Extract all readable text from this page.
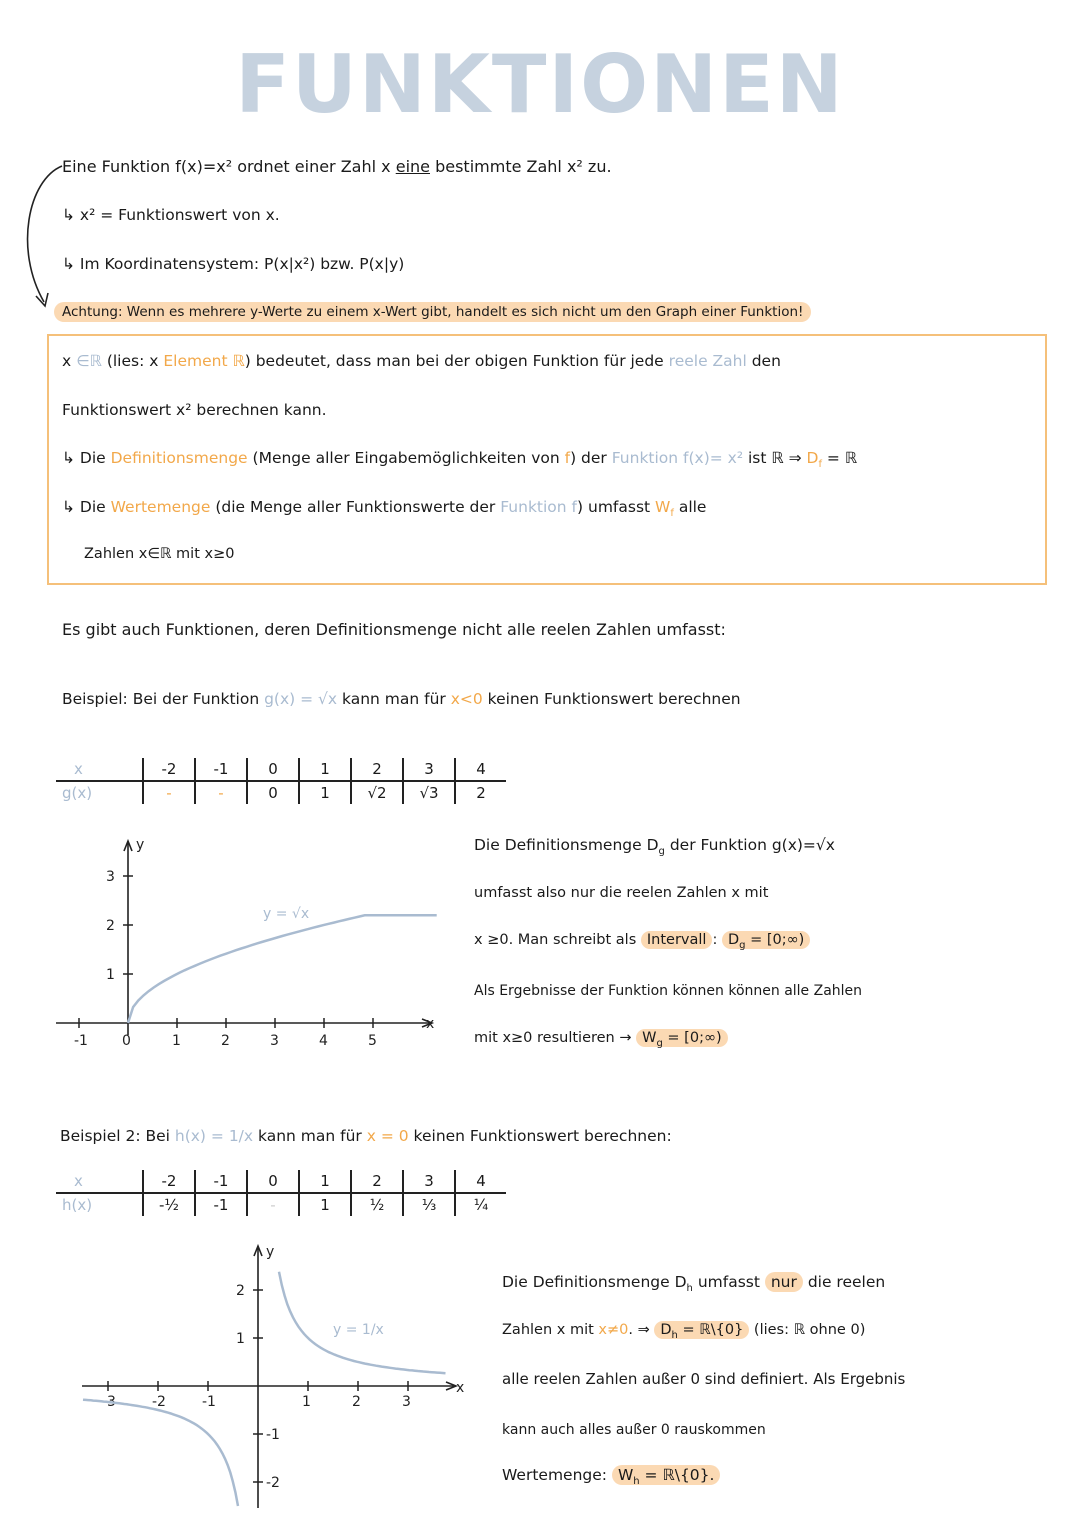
FUNKTIONEN
Eine Funktion f(x)=x² ordnet einer Zahl x eine bestimmte Zahl x² zu.
↳ x² = Funktionswert von x.
↳ Im Koordinatensystem: P(x|x²) bzw. P(x|y)
Achtung: Wenn es mehrere y-Werte zu einem x-Wert gibt, handelt es sich nicht um den Graph einer Funktion!
x ∈ℝ (lies: x Element ℝ) bedeutet, dass man bei der obigen Funktion für jede reele Zahl den
Funktionswert x² berechnen kann.
↳ Die Definitionsmenge (Menge aller Eingabemöglichkeiten von f) der Funktion f(x)= x² ist ℝ ⇒ $D_f$ = ℝ
↳ Die Wertemenge (die Menge aller Funktionswerte der Funktion f) umfasst $W_f$ alle
Zahlen x∈ℝ mit x≥0
Es gibt auch Funktionen, deren Definitionsmenge nicht alle reelen Zahlen umfasst:
Beispiel: Bei der Funktion g(x) = √x kann man für x<0 keinen Funktionswert berechnen
x	-2	-1	0	1	2	3	4
g(x)	-	-	0	1	√2	√3	2
-1 0	1	2	3	4	5
1
2
3
y = √x
y
x
Die Definitionsmenge $D_g$ der Funktion g(x)=√x
umfasst also nur die reelen Zahlen x mit
x ≥0. Man schreibt als Intervall : $D_g$ = [0;∞)
Als Ergebnisse der Funktion können können alle Zahlen
mit x≥0 resultieren → $W_g$ = [0;∞)
Beispiel 2: Bei h(x) = 1/x kann man für x = 0 keinen Funktionswert berechnen:
x	-2	-1	0	1	2	3	4
h(x)	-½	-1	-	1	½	⅓	¼
-3	-2	-1	1	2	3
2
1
-1
-2
y = 1/x
y
x
Die Definitionsmenge $D_h$ umfasst nur die reelen
Zahlen x mit x≠0. ⇒ $D_h$ = ℝ\{0} (lies: ℝ ohne 0)
alle reelen Zahlen außer 0 sind definiert. Als Ergebnis
kann auch alles außer 0 rauskommen
Wertemenge: $W_h$ = ℝ\{0}.
